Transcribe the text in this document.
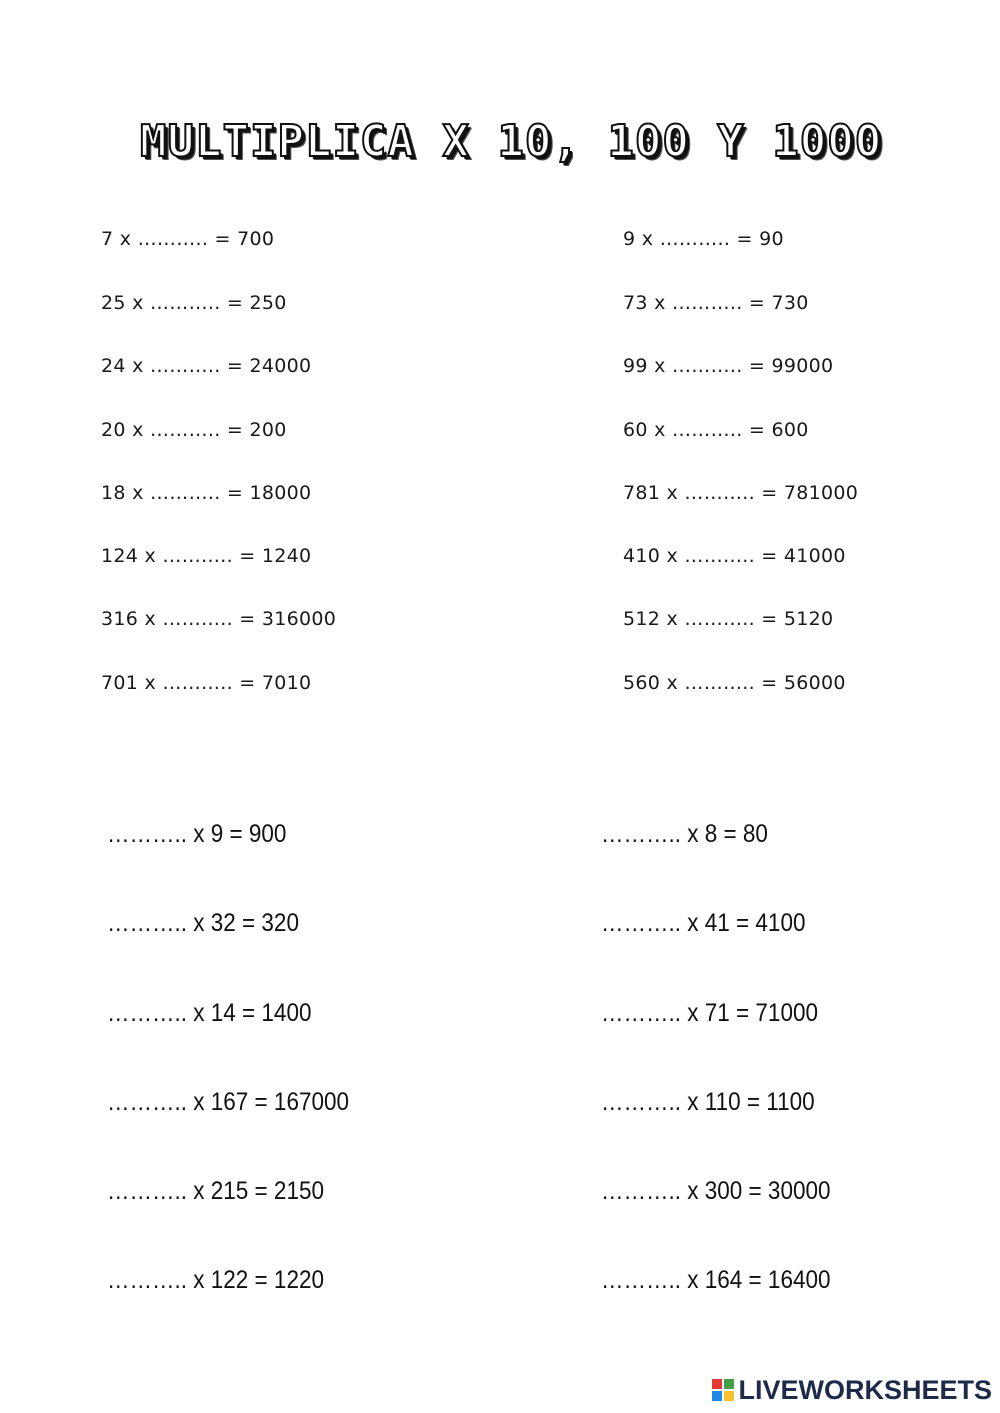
MULTIPLICA X 10, 100 Y 1000
7 x ……….. = 700
25 x ……….. = 250
24 x ……….. = 24000
20 x ……….. = 200
18 x ……….. = 18000
124 x ……….. = 1240
316 x ……….. = 316000
701 x ……….. = 7010
9 x ……….. = 90
73 x ……….. = 730
99 x ……….. = 99000
60 x ……….. = 600
781 x ……….. = 781000
410 x ……….. = 41000
512 x ……….. = 5120
560 x ……….. = 56000
……….. x 9 = 900
……….. x 32 = 320
……….. x 14 = 1400
……….. x 167 = 167000
……….. x 215 = 2150
……….. x 122 = 1220
……….. x 8 = 80
……….. x 41 = 4100
……….. x 71 = 71000
……….. x 110 = 1100
……….. x 300 = 30000
……….. x 164 = 16400
LIVEWORKSHEETS
